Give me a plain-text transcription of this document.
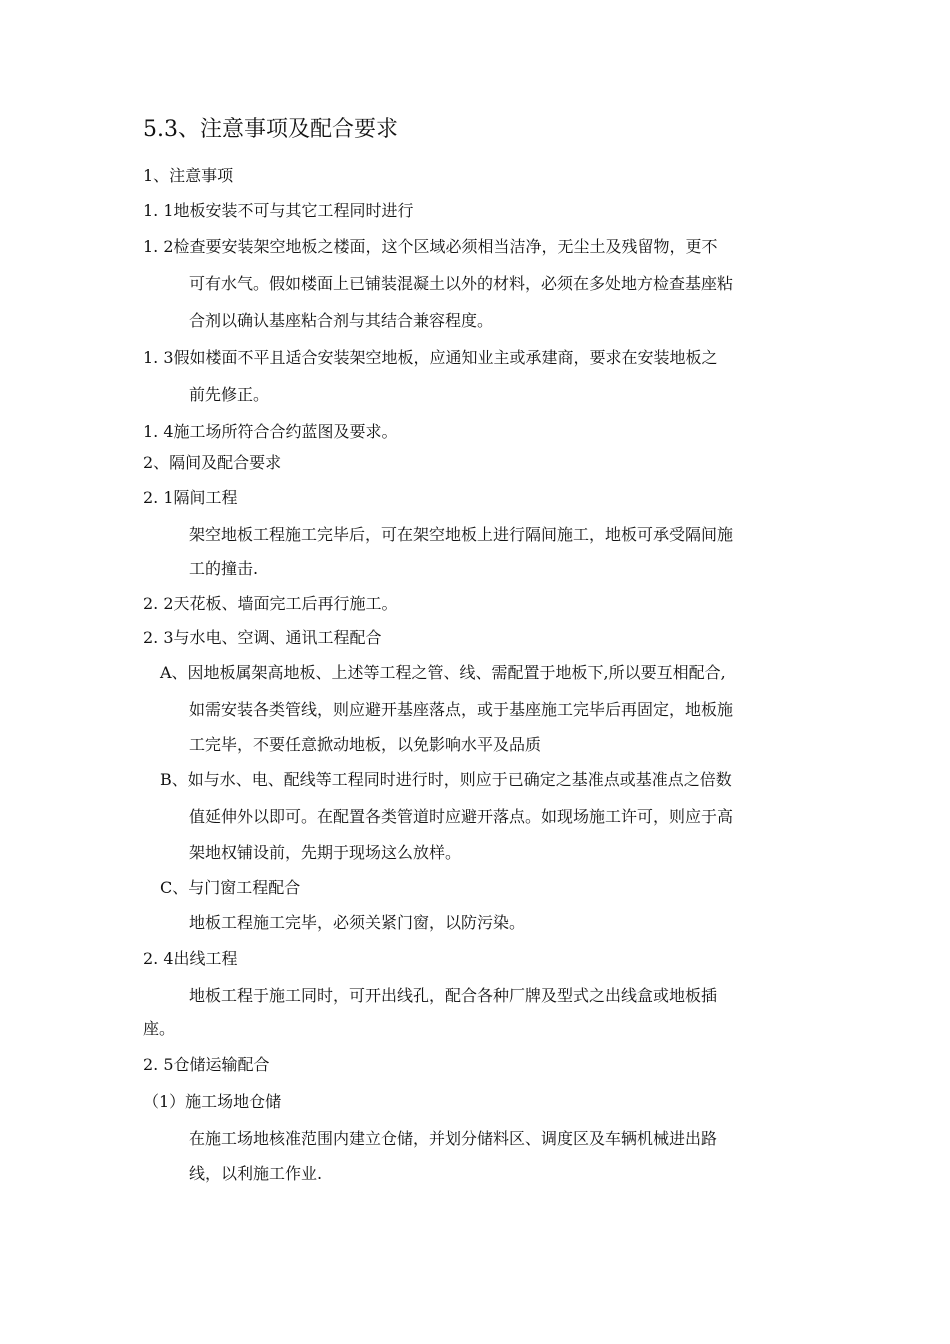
5.3、注意事项及配合要求
1、注意事项
1. 1地板安装不可与其它工程同时进行
1. 2检查要安装架空地板之楼面，这个区域必须相当洁净，无尘土及残留物，更不
可有水气。假如楼面上已铺装混凝土以外的材料，必须在多处地方检查基座粘
合剂以确认基座粘合剂与其结合兼容程度。
1. 3假如楼面不平且适合安装架空地板，应通知业主或承建商，要求在安装地板之
前先修正。
1. 4施工场所符合合约蓝图及要求。
2、隔间及配合要求
2. 1隔间工程
架空地板工程施工完毕后，可在架空地板上进行隔间施工，地板可承受隔间施
工的撞击.
2. 2天花板、墙面完工后再行施工。
2. 3与水电、空调、通讯工程配合
A、因地板属架高地板、上述等工程之管、线、需配置于地板下,所以要互相配合,
如需安装各类管线，则应避开基座落点，或于基座施工完毕后再固定，地板施
工完毕，不要任意掀动地板，以免影响水平及品质
B、如与水、电、配线等工程同时进行时，则应于已确定之基准点或基准点之倍数
值延伸外以即可。在配置各类管道时应避开落点。如现场施工许可，则应于高
架地权铺设前，先期于现场这么放样。
C、与门窗工程配合
地板工程施工完毕，必须关紧门窗，以防污染。
2. 4出线工程
地板工程于施工同时，可开出线孔，配合各种厂牌及型式之出线盒或地板插
座。
2. 5仓储运输配合
（1）施工场地仓储
在施工场地核准范围内建立仓储，并划分储料区、调度区及车辆机械进出路
线，以利施工作业.
